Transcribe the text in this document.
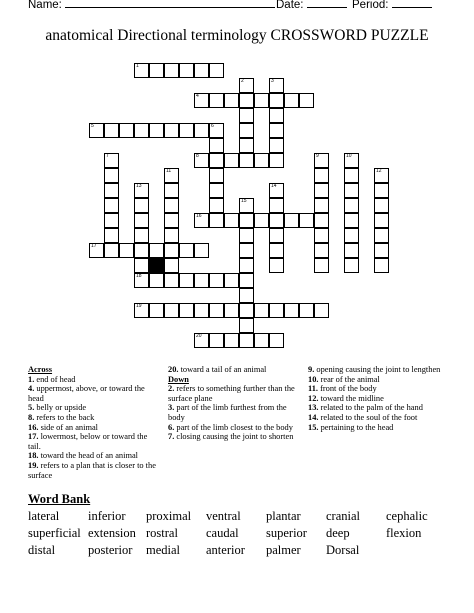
Name:	Date:	Period:
anatomical Directional terminology CROSSWORD PUZZLE
1
2	3
4
5	6
7	8	9	10
11	12
13	14
15
16
17
18
19
20
Across
1. end of head
4. uppermost, above, or toward the head
5. belly or upside
8. refers to the back
16. side of an animal
17. lowermost, below or toward the tail.
18. toward the head of an animal
19. refers to a plan that is closer to the surface
20. toward a tail of an animal
Down
2. refers to something further than the surface plane
3. part of the limb furthest from the body
6. part of the limb closest to the body
7. closing causing the joint to shorten
9. opening causing the joint to lengthen
10. rear of the animal
11. front of the body
12. toward the midline
13. related to the palm of the hand
14. related to the soul of the foot
15. pertaining to the head
Word Bank
lateral inferior proximal ventral plantar cranial cephalic
superficial extension rostral caudal superior deep	flexion
distal	posterior medial anterior palmer Dorsal
